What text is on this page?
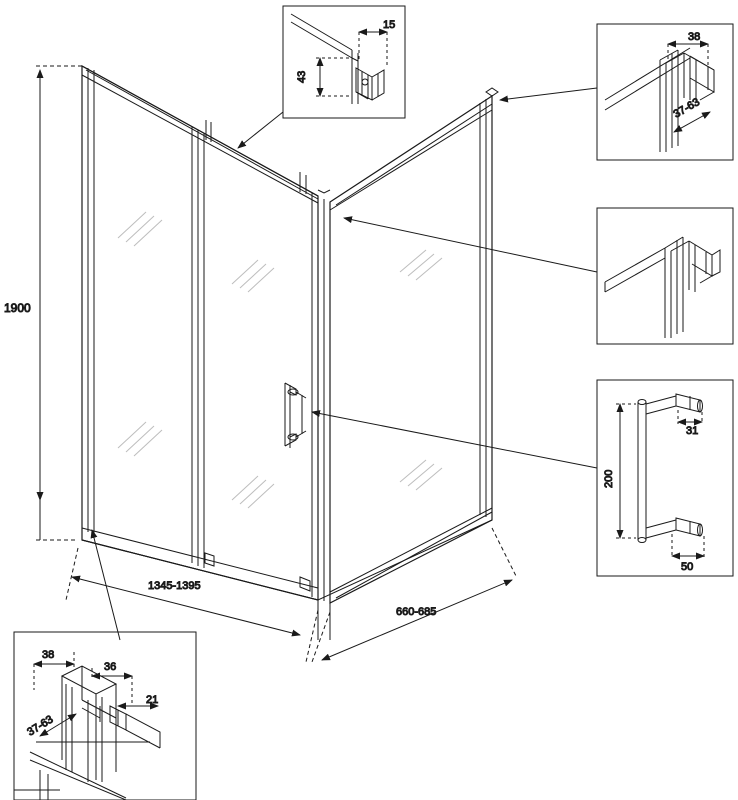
1900
1345-1395
660-685
15
43
38
37-63
200
31
50
38
36
21
37-63
